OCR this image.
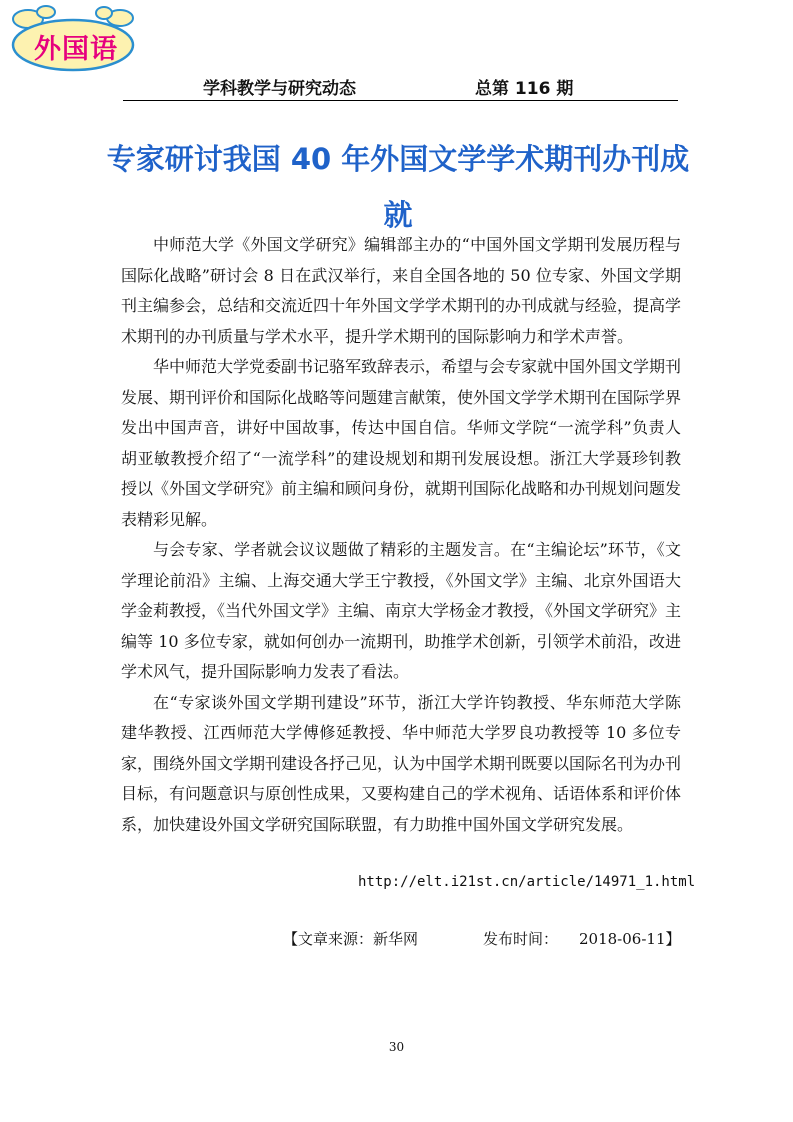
外国语
学科教学与研究动态	总第 116 期
专家研讨我国 40 年外国文学学术期刊办刊成就

中师范大学《外国文学研究》编辑部主办的“中国外国文学期刊发展历程与国际化战略”研讨会 8 日在武汉举行，来自全国各地的 50 位专家、外国文学期刊主编参会，总结和交流近四十年外国文学学术期刊的办刊成就与经验，提高学术期刊的办刊质量与学术水平，提升学术期刊的国际影响力和学术声誉。

华中师范大学党委副书记骆军致辞表示，希望与会专家就中国外国文学期刊发展、期刊评价和国际化战略等问题建言献策，使外国文学学术期刊在国际学界发出中国声音，讲好中国故事，传达中国自信。华师文学院“一流学科”负责人胡亚敏教授介绍了“一流学科”的建设规划和期刊发展设想。浙江大学聂珍钊教授以《外国文学研究》前主编和顾问身份，就期刊国际化战略和办刊规划问题发表精彩见解。

与会专家、学者就会议议题做了精彩的主题发言。在“主编论坛”环节，《文学理论前沿》主编、上海交通大学王宁教授，《外国文学》主编、北京外国语大学金莉教授，《当代外国文学》主编、南京大学杨金才教授，《外国文学研究》主编等 10 多位专家，就如何创办一流期刊，助推学术创新，引领学术前沿，改进学术风气，提升国际影响力发表了看法。

在“专家谈外国文学期刊建设”环节，浙江大学许钧教授、华东师范大学陈建华教授、江西师范大学傅修延教授、华中师范大学罗良功教授等 10 多位专家，围绕外国文学期刊建设各抒己见，认为中国学术期刊既要以国际名刊为办刊目标，有问题意识与原创性成果，又要构建自己的学术视角、话语体系和评价体系，加快建设外国文学研究国际联盟，有力助推中国外国文学研究发展。

http://elt.i21st.cn/article/14971_1.html
【文章来源：新华网	发布时间： 2018-06-11】
30
